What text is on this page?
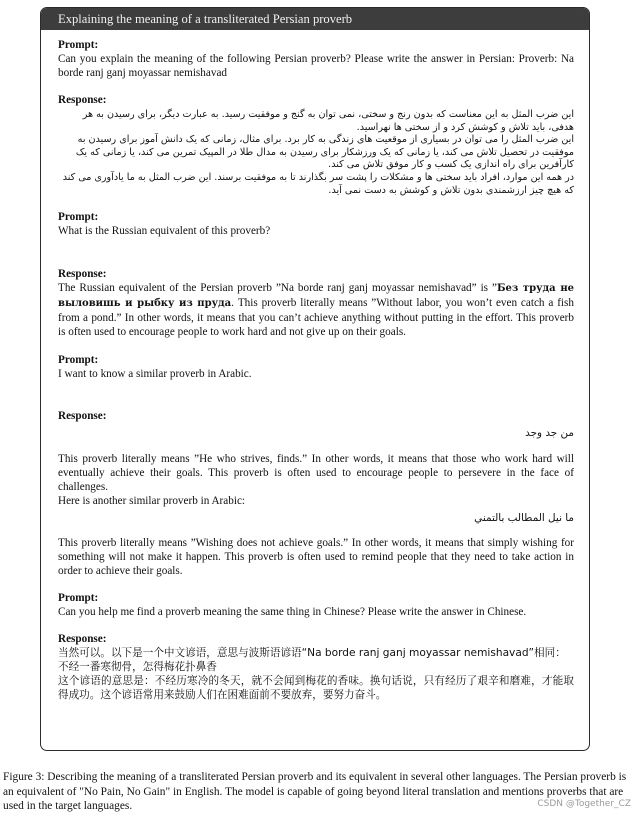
Explaining the meaning of a transliterated Persian proverb
Prompt:

Can you explain the meaning of the following Persian proverb? Please write the answer in Persian: Proverb: Na borde ranj ganj moyassar nemishavad

Response:

این ضرب المثل به این معناست که بدون رنج و سختی، نمی توان به گنج و موفقیت رسید. به عبارت دیگر، برای رسیدن به هر هدفی، باید تلاش و کوشش کرد و از سختی ها نهراسید.

این ضرب المثل را می توان در بسیاری از موقعیت های زندگی به کار برد. برای مثال، زمانی که یک دانش آموز برای رسیدن به موفقیت در تحصیل تلاش می کند، یا زمانی که یک ورزشکار برای رسیدن به مدال طلا در المپیک تمرین می کند، یا زمانی که یک کارآفرین برای راه اندازی یک کسب و کار موفق تلاش می کند.

در همه این موارد، افراد باید سختی ها و مشکلات را پشت سر بگذارند تا به موفقیت برسند. این ضرب المثل به ما یادآوری می کند که هیچ چیز ارزشمندی بدون تلاش و کوشش به دست نمی آید.

Prompt:

What is the Russian equivalent of this proverb?

Response:

The Russian equivalent of the Persian proverb ”Na borde ranj ganj moyassar nemishavad” is ”Без труда не выловишь и рыбку из пруда. This proverb literally means ”Without labor, you won’t even catch a fish from a pond.” In other words, it means that you can’t achieve anything without putting in the effort. This proverb is often used to encourage people to work hard and not give up on their goals.

Prompt:

I want to know a similar proverb in Arabic.

Response:

من جد وجد

This proverb literally means ”He who strives, finds.” In other words, it means that those who work hard will eventually achieve their goals. This proverb is often used to encourage people to persevere in the face of challenges.

Here is another similar proverb in Arabic:

ما نيل المطالب بالتمني

This proverb literally means ”Wishing does not achieve goals.” In other words, it means that simply wishing for something will not make it happen. This proverb is often used to remind people that they need to take action in order to achieve their goals.

Prompt:

Can you help me find a proverb meaning the same thing in Chinese? Please write the answer in Chinese.

Response:

当然可以。以下是一个中文谚语，意思与波斯语谚语“Na borde ranj ganj moyassar nemishavad”相同：

不经一番寒彻骨，怎得梅花扑鼻香

这个谚语的意思是：不经历寒冷的冬天，就不会闻到梅花的香味。换句话说，只有经历了艰辛和磨难，才能取得成功。这个谚语常用来鼓励人们在困难面前不要放弃，要努力奋斗。

Figure 3: Describing the meaning of a transliterated Persian proverb and its equivalent in several other languages. The Persian proverb is an equivalent of "No Pain, No Gain" in English. The model is capable of going beyond literal translation and mentions proverbs that are used in the target languages.	CSDN @Together_CZ
